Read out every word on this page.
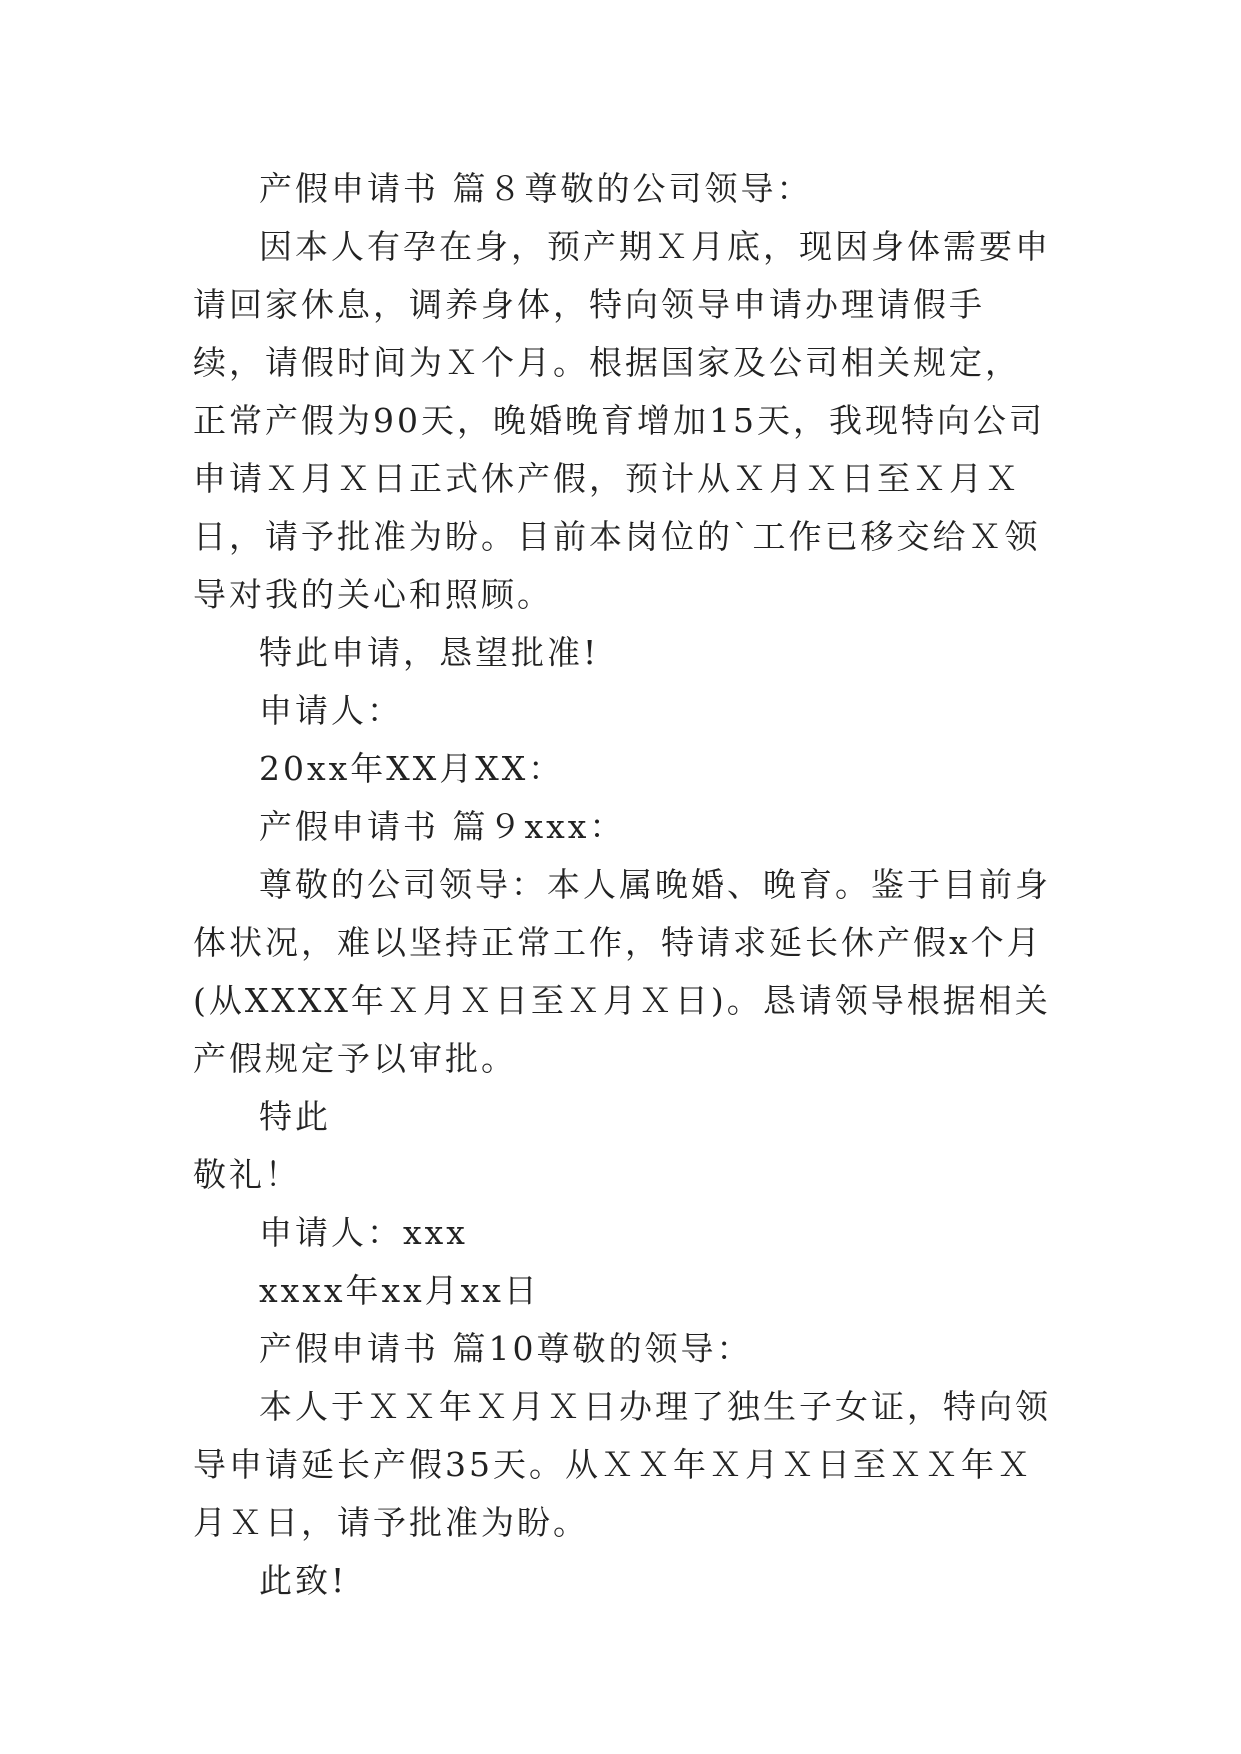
产假申请书 篇８尊敬的公司领导：

因本人有孕在身，预产期Ｘ月底，现因身体需要申请回家休息，调养身体，特向领导申请办理请假手续，请假时间为Ｘ个月。根据国家及公司相关规定，正常产假为90天，晚婚晚育增加15天，我现特向公司申请Ｘ月Ｘ日正式休产假，预计从Ｘ月Ｘ日至Ｘ月Ｘ日，请予批准为盼。目前本岗位的`工作已移交给Ｘ领导对我的关心和照顾。

特此申请，恳望批准!

申请人：

20xx年XX月XX：

产假申请书 篇９xxx：

尊敬的公司领导：本人属晚婚、晚育。鉴于目前身体状况，难以坚持正常工作，特请求延长休产假x个月(从XXXX年Ｘ月Ｘ日至Ｘ月Ｘ日)。恳请领导根据相关产假规定予以审批。

特此

敬礼！

申请人：xxx

xxxx年xx月xx日

产假申请书 篇10尊敬的领导：

本人于ＸＸ年Ｘ月Ｘ日办理了独生子女证，特向领导申请延长产假35天。从ＸＸ年Ｘ月Ｘ日至ＸＸ年Ｘ月Ｘ日，请予批准为盼。

此致!
